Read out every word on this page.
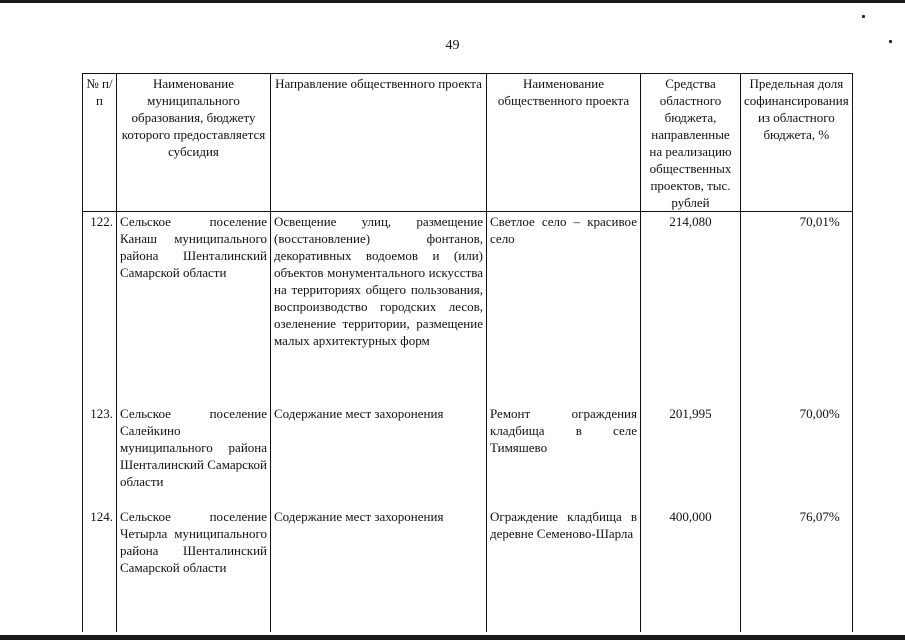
49
№ п/п	Наименование муниципального образования, бюджету которого предоставляется субсидия	Направление общественного проекта	Наименование общественного проекта	Средства областного бюджета, направленные на реализацию общественных проектов, тыс. рублей	Предельная доля софинансирования из областного бюджета, %
122.	Сельское поселение Канаш муниципального района Шенталинский Самарской области	Освещение улиц, размещение (восстановление) фонтанов, декоративных водоемов и (или) объектов монументального искусства на территориях общего пользования, воспроизводство городских лесов, озеленение территории, размещение малых архитектурных форм	Светлое село – красивое село	214,080	70,01%
123.	Сельское поселение Салейкино муниципального района Шенталинский Самарской области	Содержание мест захоронения	Ремонт ограждения кладбища в селе Тимяшево	201,995	70,00%
124.	Сельское поселение Четырла муниципального района Шенталинский Самарской области	Содержание мест захоронения	Ограждение кладбища в деревне Семеново-Шарла	400,000	76,07%
